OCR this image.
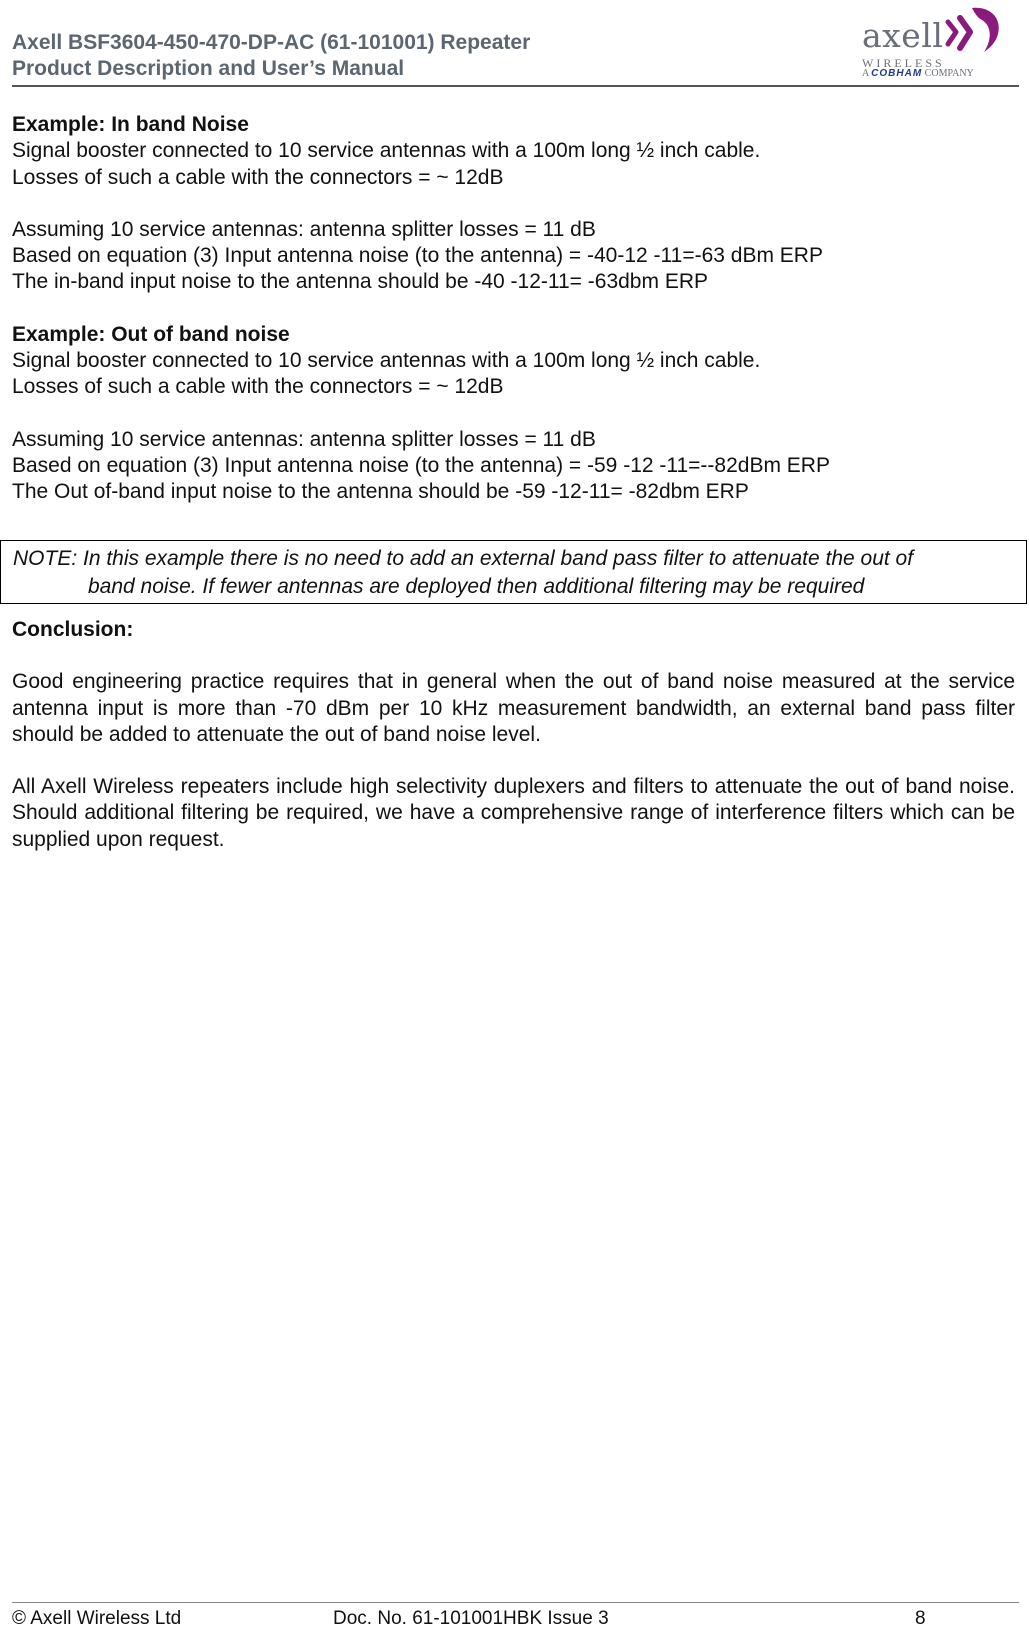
Axell BSF3604-450-470-DP-AC (61-101001) Repeater
Product Description and User’s Manual
axell
WIRELESS
A COBHAM COMPANY
Example: In band Noise
Signal booster connected to 10 service antennas with a 100m long ½ inch cable.
Losses of such a cable with the connectors = ~ 12dB
Assuming 10 service antennas: antenna splitter losses = 11 dB
Based on equation (3) Input antenna noise (to the antenna) = -40-12 -11=-63 dBm ERP
The in-band input noise to the antenna should be -40 -12-11= -63dbm ERP
Example: Out of band noise
Signal booster connected to 10 service antennas with a 100m long ½ inch cable.
Losses of such a cable with the connectors = ~ 12dB
Assuming 10 service antennas: antenna splitter losses = 11 dB
Based on equation (3) Input antenna noise (to the antenna) = -59 -12 -11=--82dBm ERP
The Out of-band input noise to the antenna should be -59 -12-11= -82dbm ERP
NOTE: In this example there is no need to add an external band pass filter to attenuate the out of
band noise. If fewer antennas are deployed then additional filtering may be required
Conclusion:
Good engineering practice requires that in general when the out of band noise measured at the service antenna input is more than -70 dBm per 10 kHz measurement bandwidth, an external band pass filter should be added to attenuate the out of band noise level.
All Axell Wireless repeaters include high selectivity duplexers and filters to attenuate the out of band noise. Should additional filtering be required, we have a comprehensive range of interference filters which can be supplied upon request.
© Axell Wireless Ltd	Doc. No. 61-101001HBK Issue 3	8
